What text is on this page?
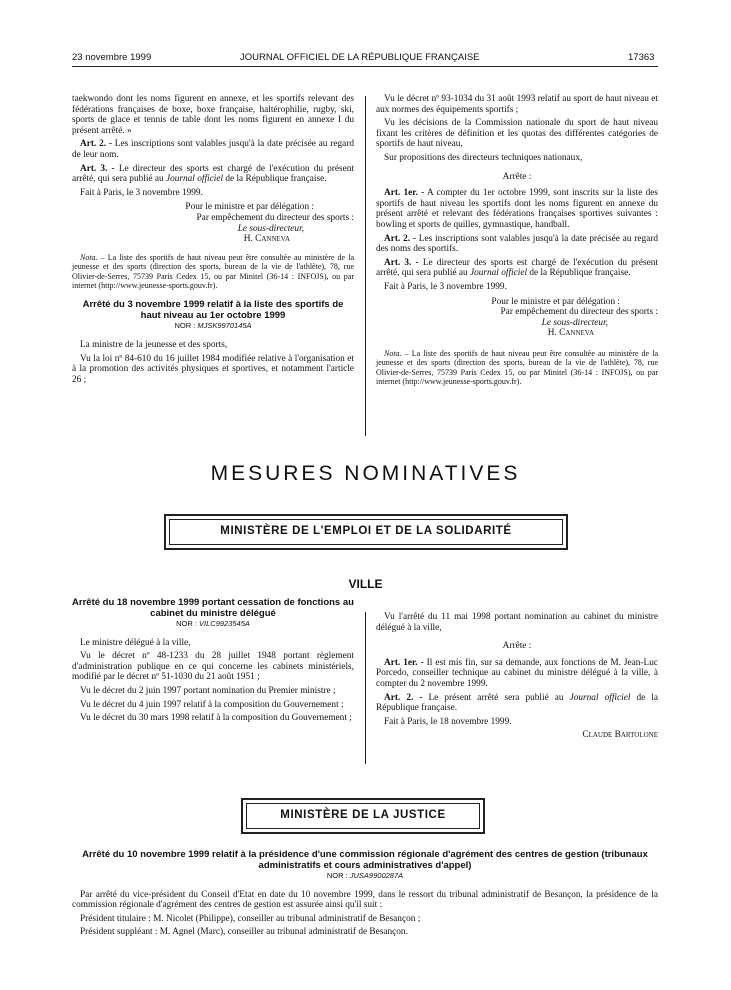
23 novembre 1999	JOURNAL OFFICIEL DE LA RÉPUBLIQUE FRANÇAISE	17363

taekwondo dont les noms figurent en annexe, et les sportifs relevant des fédérations françaises de boxe, boxe française, haltérophilie, rugby, ski, sports de glace et tennis de table dont les noms figurent en annexe I du présent arrêté. »

Art. 2. - Les inscriptions sont valables jusqu'à la date précisée au regard de leur nom.

Art. 3. - Le directeur des sports est chargé de l'exécution du présent arrêté, qui sera publié au Journal officiel de la République française.

Fait à Paris, le 3 novembre 1999.

Pour le ministre et par délégation :
Par empêchement du directeur des sports :
Le sous-directeur,
H. Canneva

Nota. – La liste des sportifs de haut niveau peut être consultée au ministère de la jeunesse et des sports (direction des sports, bureau de la vie de l'athlète), 78, rue Olivier-de-Serres, 75739 Paris Cedex 15, ou par Minitel (36-14 : INFOJS), ou par internet (http://www.jeunesse-sports.gouv.fr).

Arrêté du 3 novembre 1999 relatif à la liste des sportifs de haut niveau au 1er octobre 1999
NOR : MJSK9970145A

La ministre de la jeunesse et des sports,

Vu la loi nº 84-610 du 16 juillet 1984 modifiée relative à l'organisation et à la promotion des activités physiques et sportives, et notamment l'article 26 ;

Vu le décret nº 93-1034 du 31 août 1993 relatif au sport de haut niveau et aux normes des équipements sportifs ;

Vu les décisions de la Commission nationale du sport de haut niveau fixant les critères de définition et les quotas des différentes catégories de sportifs de haut niveau,

Sur propositions des directeurs techniques nationaux,

Arrête :

Art. 1er. - A compter du 1er octobre 1999, sont inscrits sur la liste des sportifs de haut niveau les sportifs dont les noms figurent en annexe du présent arrêté et relevant des fédérations françaises sportives suivantes : bowling et sports de quilles, gymnastique, handball.

Art. 2. - Les inscriptions sont valables jusqu'à la date précisée au regard des noms des sportifs.

Art. 3. - Le directeur des sports est chargé de l'exécution du présent arrêté, qui sera publié au Journal officiel de la République française.

Fait à Paris, le 3 novembre 1999.

Pour le ministre et par délégation :
Par empêchement du directeur des sports :
Le sous-directeur,
H. Canneva

Nota. – La liste des sportifs de haut niveau peut être consultée au ministère de la jeunesse et des sports (direction des sports, bureau de la vie de l'athlète), 78, rue Olivier-de-Serres, 75739 Paris Cedex 15, ou par Minitel (36-14 : INFOJS), ou par internet (http://www.jeunesse-sports.gouv.fr).

MESURES NOMINATIVES
MINISTÈRE DE L'EMPLOI ET DE LA SOLIDARITÉ
VILLE
Arrêté du 18 novembre 1999 portant cessation de fonctions au cabinet du ministre délégué
NOR : VILC9923545A

Le ministre délégué à la ville,

Vu le décret nº 48-1233 du 28 juillet 1948 portant règlement d'administration publique en ce qui concerne les cabinets ministériels, modifié par le décret nº 51-1030 du 21 août 1951 ;

Vu le décret du 2 juin 1997 portant nomination du Premier ministre ;

Vu le décret du 4 juin 1997 relatif à la composition du Gouvernement ;

Vu le décret du 30 mars 1998 relatif à la composition du Gouvernement ;

Vu l'arrêté du 11 mai 1998 portant nomination au cabinet du ministre délégué à la ville,

Arrête :

Art. 1er. - Il est mis fin, sur sa demande, aux fonctions de M. Jean-Luc Porcedo, conseiller technique au cabinet du ministre délégué à la ville, à compter du 2 novembre 1999.

Art. 2. - Le présent arrêté sera publié au Journal officiel de la République française.

Fait à Paris, le 18 novembre 1999.

Claude Bartolone

MINISTÈRE DE LA JUSTICE
Arrêté du 10 novembre 1999 relatif à la présidence d'une commission régionale d'agrément des centres de gestion (tribunaux administratifs et cours administratives d'appel)
NOR : JUSA9900287A

Par arrêté du vice-président du Conseil d'Etat en date du 10 novembre 1999, dans le ressort du tribunal administratif de Besançon, la présidence de la commission régionale d'agrément des centres de gestion est assurée ainsi qu'il suit :

Président titulaire : M. Nicolet (Philippe), conseiller au tribunal administratif de Besançon ;

Président suppléant : M. Agnel (Marc), conseiller au tribunal administratif de Besançon.
